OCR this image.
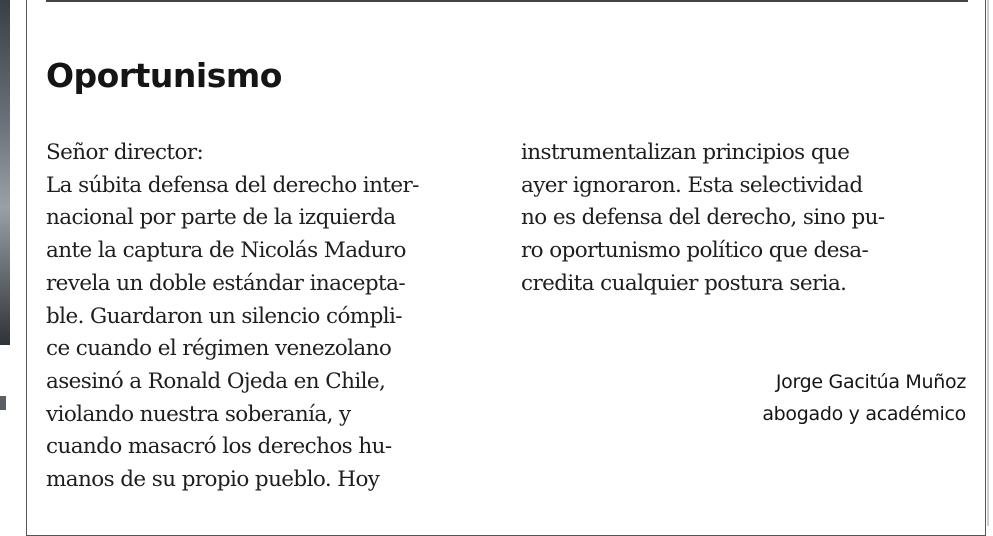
Oportunismo
Señor director:
La súbita defensa del derecho inter-
nacional por parte de la izquierda
ante la captura de Nicolás Maduro
revela un doble estándar inacepta-
ble. Guardaron un silencio cómpli-
ce cuando el régimen venezolano
asesinó a Ronald Ojeda en Chile,
violando nuestra soberanía, y
cuando masacró los derechos hu-
manos de su propio pueblo. Hoy
instrumentalizan principios que
ayer ignoraron. Esta selectividad
no es defensa del derecho, sino pu-
ro oportunismo político que desa-
credita cualquier postura seria.
Jorge Gacitúa Muñoz
abogado y académico
